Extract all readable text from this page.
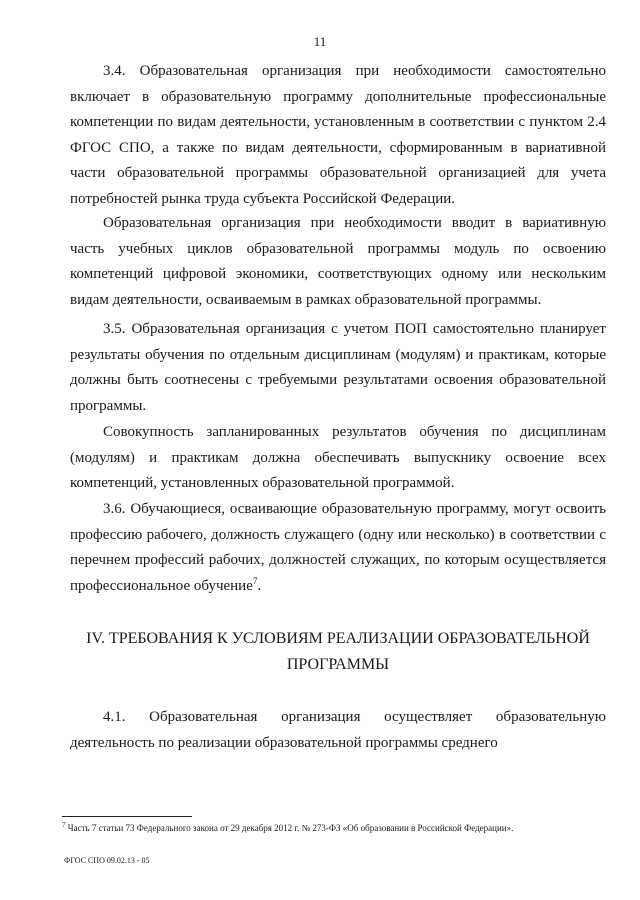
11

3.4. Образовательная организация при необходимости самостоятельно включает в образовательную программу дополнительные профессиональные компетенции по видам деятельности, установленным в соответствии с пунктом 2.4 ФГОС СПО, а также по видам деятельности, сформированным в вариативной части образовательной программы образовательной организацией для учета потребностей рынка труда субъекта Российской Федерации.

Образовательная организация при необходимости вводит в вариативную часть учебных циклов образовательной программы модуль по освоению компетенций цифровой экономики, соответствующих одному или нескольким видам деятельности, осваиваемым в рамках образовательной программы.

3.5. Образовательная организация с учетом ПОП самостоятельно планирует результаты обучения по отдельным дисциплинам (модулям) и практикам, которые должны быть соотнесены с требуемыми результатами освоения образовательной программы.

Совокупность запланированных результатов обучения по дисциплинам (модулям) и практикам должна обеспечивать выпускнику освоение всех компетенций, установленных образовательной программой.

3.6. Обучающиеся, осваивающие образовательную программу, могут освоить профессию рабочего, должность служащего (одну или несколько) в соответствии с перечнем профессий рабочих, должностей служащих, по которым осуществляется профессиональное обучение$^7$.

IV. ТРЕБОВАНИЯ К УСЛОВИЯМ РЕАЛИЗАЦИИ ОБРАЗОВАТЕЛЬНОЙ ПРОГРАММЫ

4.1. Образовательная организация осуществляет образовательную деятельность по реализации образовательной программы среднего

$^7$ Часть 7 статьи 73 Федерального закона от 29 декабря 2012 г. № 273-ФЗ «Об образовании в Российской Федерации».

ФГОС СПО 09.02.13 - 05
